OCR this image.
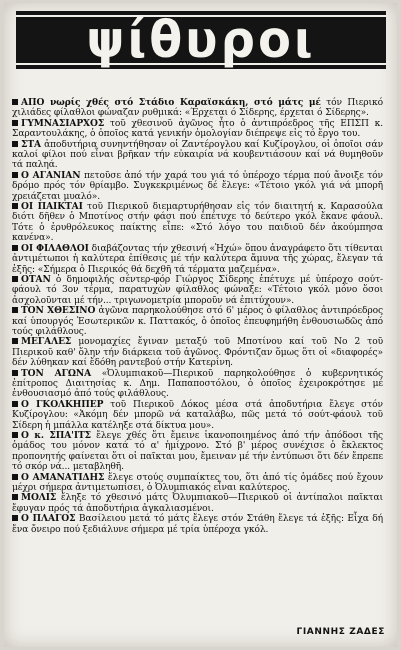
ψίθυροι

ΑΠΟ νωρίς χθές στό Στάδιο Καραϊσκάκη, στό μάτς μέ τόν Πιερικό χιλιάδες φίλαθλοι φώναζαν ρυθμικά: «Έρχεται ό Σίδερης, έρχεται ό Σίδερης».

ΓΥΜΝΑΣΙΑΡΧΟΣ τοῦ χθεσινοῦ ἀγῶνος ἦτο ὁ ἀντιπρόεδρος τῆς ΕΠΣΠ κ. Σαραντουλάκης, ὁ ὁποῖος κατά γενικήν ὁμολογίαν διέπρεψε εἰς τό ἔργο του.

ΣΤΑ ἀποδυτήρια συνηντήθησαν οἱ Ζαντέρογλου καί Κυζίρογλου, οἱ ὁποῖοι σάν καλοί φίλοι πού εἶναι βρῆκαν τήν εὐκαιρία νά κουβεντιάσουν καί νά θυμηθοῦν τά παληά.

Ο ΑΓΑΝΙΑΝ πετοῦσε ἀπό τήν χαρά του γιά τό ὑπέροχο τέρμα πού ἄνοιξε τόν δρόμο πρός τόν θρίαμβο. Συγκεκριμένως δέ ἔλεγε: «Τέτοιο γκόλ γιά νά μπορῆ χρειάζεται μυαλό».

ΟΙ ΠΑΙΚΤΑΙ τοῦ Πιερικοῦ διεμαρτυρήθησαν εἰς τόν διαιτητή κ. Καρασούλα διότι δῆθεν ὁ Μποτίνος στήν φάσι πού ἐπέτυχε τό δεύτερο γκόλ ἔκανε φάουλ. Τότε ὁ ἐρυθρόλευκος παίκτης εἶπε: «Στό λόγο του παιδιοῦ δέν ἀκούμπησα κανένα».

ΟΙ ΦΙΛΑΘΛΟΙ διαβάζοντας τήν χθεσινή «Ἠχώ» ὅπου ἀναγράφετο ὅτι τίθενται ἀντιμέτωποι ἡ καλύτερα ἐπίθεσις μέ τήν καλύτερα ἄμυνα τῆς χώρας, ἔλεγαν τά ἑξῆς: «Σήμερα ὁ Πιερικός θά δεχθῆ τά τέρματα μαζεμένα».

ΟΤΑΝ ὁ δημοφιλής σέντερ-φόρ Γιώργος Σίδερης ἐπέτυχε μέ ὑπέροχο σούτ-φάουλ τό 3ον τέρμα, παρατυχὼν φίλαθλος φώναξε: «Τέτοιο γκόλ μόνο ὅσοι ἀσχολοῦνται μέ τήν... τριγωνομετρία μποροῦν νά ἐπιτύχουν».

ΤΟΝ ΧΘΕΣΙΝΟ ἀγῶνα παρηκολούθησε στό 6' μέρος ὁ φίλαθλος ἀντιπρόεδρος καί ὑπουργός Ἐσωτερικῶν κ. Παττακός, ὁ ὁποῖος ἐπευφημήθη ἐνθουσιωδῶς ἀπό τούς φιλάθλους.

ΜΕΓΑΛΕΣ μονομαχίες ἔγιναν μεταξύ τοῦ Μποτίνου καί τοῦ Νο 2 τοῦ Πιερικοῦ καθ' ὅλην τήν διάρκεια τοῦ ἀγῶνος. Φρόντιζαν ὅμως ὅτι οἱ «διαφορές» δέν λύθηκαν καί ἔδόθη ραντεβού στήν Κατερίνη.

ΤΟΝ ΑΓΩΝΑ «Ὀλυμπιακοῦ—Πιερικοῦ παρηκολούθησε ὁ κυβερνητικός ἐπίτροπος Διαιτησίας κ. Δημ. Παπαποστόλου, ὁ ὁποῖος ἐχειροκρότησε μέ ἐνθουσιασμό ἀπό τούς φιλάθλους.

Ο ΓΚΟΛΚΗΠΕΡ τοῦ Πιερικοῦ Δόκος μέσα στά ἀποδυτήρια ἔλεγε στόν Κυζίρογλου: «Ἀκόμη δέν μπορῶ νά καταλάβω, πῶς μετά τό σούτ-φάουλ τοῦ Σίδερη ἡ μπάλλα κατέληξε στά δίκτυα μου».

Ο κ. ΣΠΑ'ΙΤΣ ἔλεγε χθές ὅτι ἔμεινε ἱκανοποιημένος ἀπό τήν ἀπόδοσι τῆς ὁμάδος του μόνον κατά τό α' ἡμίχρονο. Στό β' μέρος συνέχισε ὁ ἔκλεκτος προπονητής φαίνεται ὅτι οἱ παῖκται μου, ἔμειναν μέ τήν ἐντύπωσι ὅτι δέν ἔπρεπε τό σκόρ νά... μεταβληθῆ.

Ο ΑΜΑΝΑΤΙΔΗΣ ἔλεγε στούς συμπαίκτες του, ὅτι ἀπό τίς ὁμάδες πού ἔχουν μέχρι σήμερα ἀντιμετωπίσει, ὁ Ὀλυμπιακός εἶναι καλύτερος.

ΜΟΛΙΣ ἔληξε τό χθεσινό μάτς Ὀλυμπιακοῦ—Πιερικοῦ οἱ ἀντίπαλοι παῖκται ἔφυγαν πρός τά ἀποδυτήρια ἀγκαλιασμένοι.

Ο ΠΛΑΓΟΣ Βασίλειου μετά τό μάτς ἔλεγε στόν Στάθη ἔλεγε τά ἑξῆς: Εἶχα δή ἔνα ὄνειρο πού ξεδιάλυνε σήμερα μέ τρία ὑπέροχα γκόλ.

ΓΙΑΝΝΗΣ ΖΑΔΕΣ
